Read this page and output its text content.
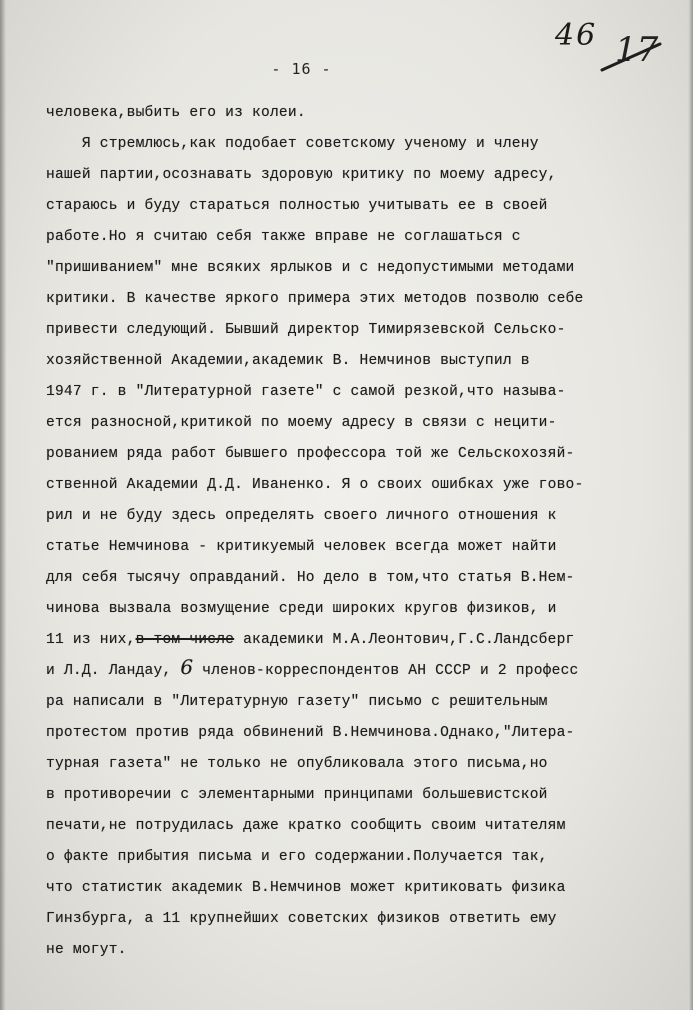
46 17
- 16 -
человека,выбить его из колеи.
Я стремлюсь,как подобает советскому ученому и члену
нашей партии,осознавать здоровую критику по моему адресу,
стараюсь и буду стараться полностью учитывать ее в своей
работе.Но я считаю себя также вправе не соглашаться с
"пришиванием" мне всяких ярлыков и с недопустимыми методами
критики. В качестве яркого примера этих методов позволю себе
привести следующий. Бывший директор Тимирязевской Сельско-
хозяйственной Академии,академик В. Немчинов выступил в
1947 г. в "Литературной газете" с самой резкой,что называ-
ется разносной,критикой по моему адресу в связи с нецити-
рованием ряда работ бывшего профессора той же Сельскохозяй-
ственной Академии Д.Д. Иваненко. Я о своих ошибках уже гово-
рил и не буду здесь определять своего личного отношения к
статье Немчинова - критикуемый человек всегда может найти
для себя тысячу оправданий. Но дело в том,что статья В.Нем-
чинова вызвала возмущение среди широких кругов физиков, и
11 из них,в том числе академики М.А.Леонтович,Г.С.Ландсберг
и Л.Д. Ландау, 6 членов-корреспондентов АН СССР и 2 професс
ра написали в "Литературную газету" письмо с решительным
протестом против ряда обвинений В.Немчинова.Однако,"Литера-
турная газета" не только не опубликовала этого письма,но
в противоречии с элементарными принципами большевистской
печати,не потрудилась даже кратко сообщить своим читателям
о факте прибытия письма и его содержании.Получается так,
что статистик академик В.Немчинов может критиковать физика
Гинзбурга, а 11 крупнейших советских физиков ответить ему
не могут.
